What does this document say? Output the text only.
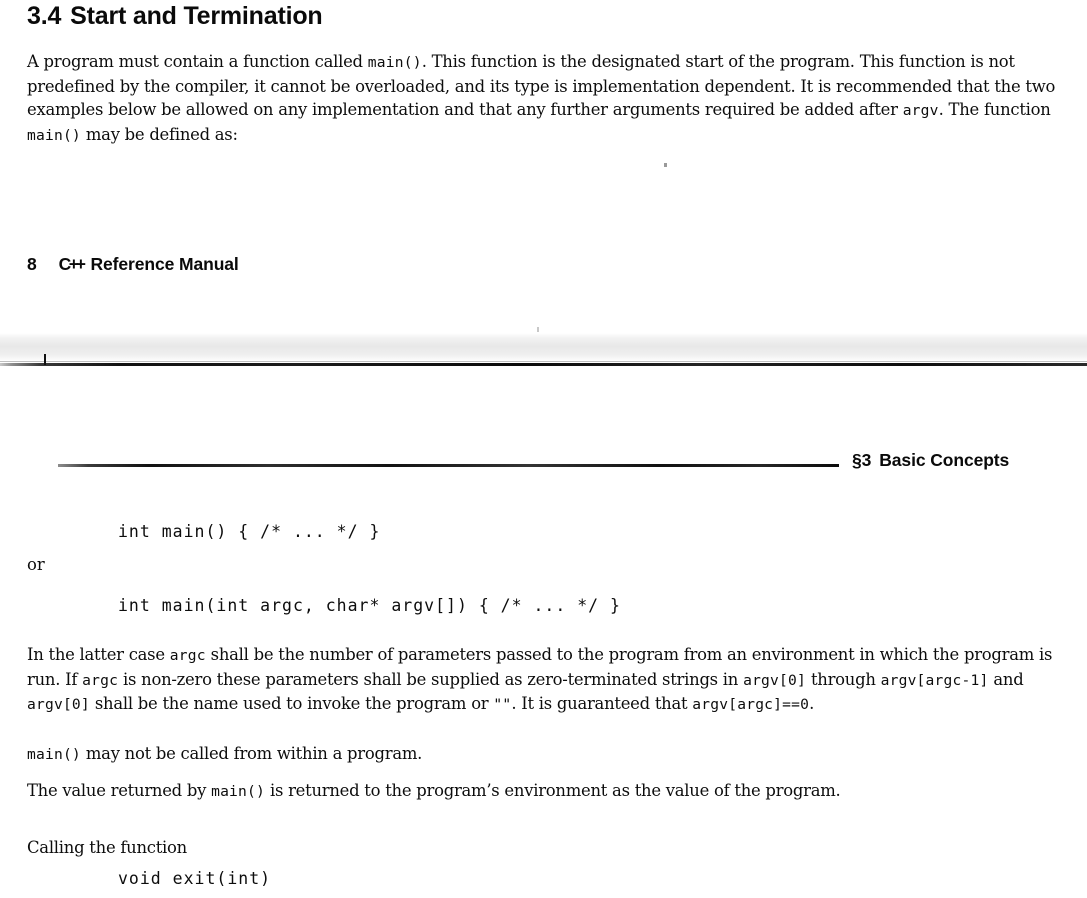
3.4 Start and Termination
A program must contain a function called main(). This function is the designated start of the program. This function is not predefined by the compiler, it cannot be overloaded, and its type is implementation dependent. It is recommended that the two examples below be allowed on any implementation and that any further arguments required be added after argv. The function main() may be defined as:
8 C++ Reference Manual
§3 Basic Concepts
int main() { /* ... */ }
or
int main(int argc, char* argv[]) { /* ... */ }
In the latter case argc shall be the number of parameters passed to the program from an environment in which the program is run. If argc is non-zero these parameters shall be supplied as zero-terminated strings in argv[0] through argv[argc-1] and argv[0] shall be the name used to invoke the program or "". It is guaranteed that argv[argc]==0.
main() may not be called from within a program.
The value returned by main() is returned to the program’s environment as the value of the program.
Calling the function
void exit(int)
